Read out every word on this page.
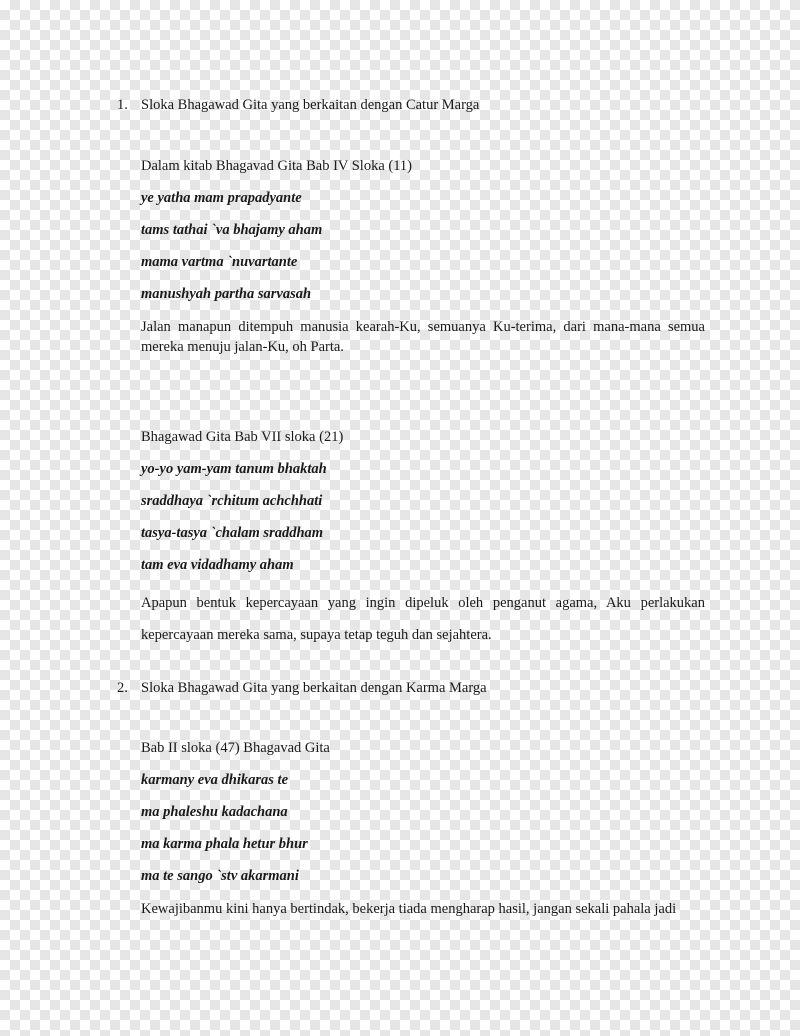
1. Sloka Bhagawad Gita yang berkaitan dengan Catur Marga

Dalam kitab Bhagavad Gita Bab IV Sloka (11)

ye yatha mam prapadyante

tams tathai `va bhajamy aham

mama vartma `nuvartante

manushyah partha sarvasah

Jalan manapun ditempuh manusia kearah-Ku, semuanya Ku-terima, dari mana-mana semua mereka menuju jalan-Ku, oh Parta.

Bhagawad Gita Bab VII sloka (21)

yo-yo yam-yam tanum bhaktah

sraddhaya `rchitum achchhati

tasya-tasya `chalam sraddham

tam eva vidadhamy aham

Apapun bentuk kepercayaan yang ingin dipeluk oleh penganut agama, Aku perlakukan kepercayaan mereka sama, supaya tetap teguh dan sejahtera.

2. Sloka Bhagawad Gita yang berkaitan dengan Karma Marga

Bab II sloka (47) Bhagavad Gita

karmany eva dhikaras te

ma phaleshu kadachana

ma karma phala hetur bhur

ma te sango `stv akarmani

Kewajibanmu kini hanya bertindak, bekerja tiada mengharap hasil, jangan sekali pahala jadi
